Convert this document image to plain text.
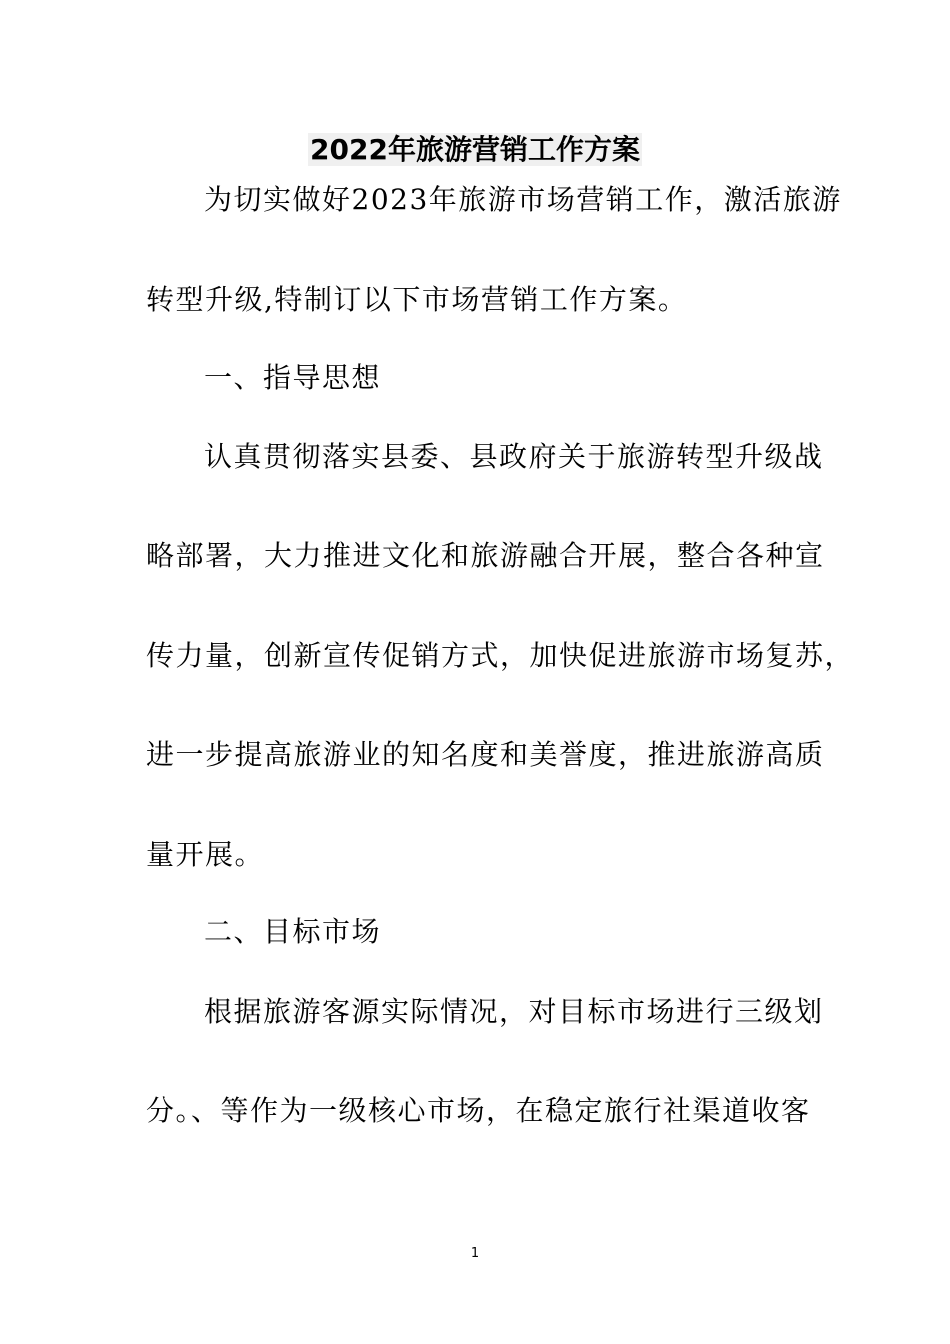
2022年旅游营销工作方案
为切实做好2023年旅游市场营销工作，激活旅游
转型升级,特制订以下市场营销工作方案。
一、指导思想
认真贯彻落实县委、县政府关于旅游转型升级战
略部署，大力推进文化和旅游融合开展，整合各种宣
传力量，创新宣传促销方式，加快促进旅游市场复苏，
进一步提高旅游业的知名度和美誉度，推进旅游高质
量开展。
二、目标市场
根据旅游客源实际情况，对目标市场进行三级划
分。、等作为一级核心市场，在稳定旅行社渠道收客
1
